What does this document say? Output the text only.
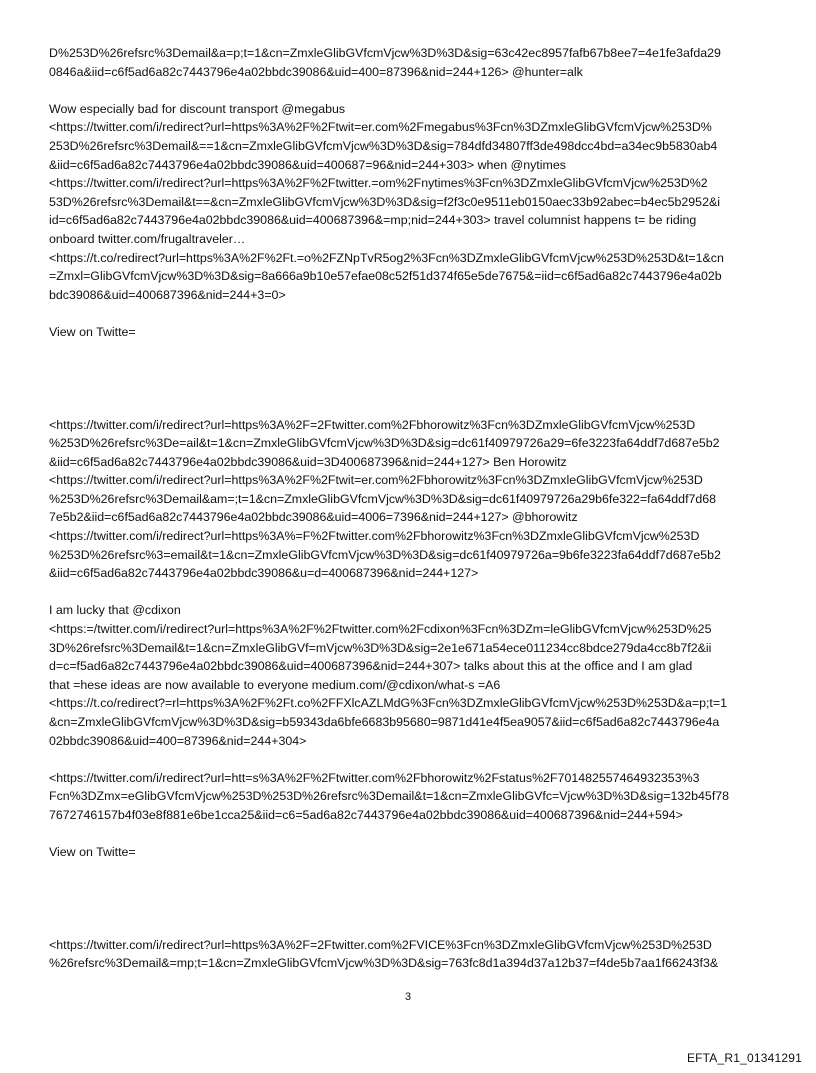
D%253D%26refsrc%3Demail&a=p;t=1&cn=ZmxleGlibGVfcmVjcw%3D%3D&sig=63c42ec8957fafb67b8ee7=4e1fe3afda29
0846a&iid=c6f5ad6a82c7443796e4a02bbdc39086&uid=400=87396&nid=244+126> @hunter=alk

Wow especially bad for discount transport @megabus
<https://twitter.com/i/redirect?url=https%3A%2F%2Ftwit=er.com%2Fmegabus%3Fcn%3DZmxleGlibGVfcmVjcw%253D%
253D%26refsrc%3Demail&==1&cn=ZmxleGlibGVfcmVjcw%3D%3D&sig=784dfd34807ff3de498dcc4bd=a34ec9b5830ab4
&iid=c6f5ad6a82c7443796e4a02bbdc39086&uid=400687=96&nid=244+303> when @nytimes
<https://twitter.com/i/redirect?url=https%3A%2F%2Ftwitter.=om%2Fnytimes%3Fcn%3DZmxleGlibGVfcmVjcw%253D%2
53D%26refsrc%3Demail&t==&cn=ZmxleGlibGVfcmVjcw%3D%3D&sig=f2f3c0e9511eb0150aec33b92abec=b4ec5b2952&i
id=c6f5ad6a82c7443796e4a02bbdc39086&uid=400687396&=mp;nid=244+303> travel columnist happens t= be riding
onboard twitter.com/frugaltraveler…
<https://t.co/redirect?url=https%3A%2F%2Ft.=o%2FZNpTvR5og2%3Fcn%3DZmxleGlibGVfcmVjcw%253D%253D&t=1&cn
=Zmxl=GlibGVfcmVjcw%3D%3D&sig=8a666a9b10e57efae08c52f51d374f65e5de7675&=iid=c6f5ad6a82c7443796e4a02b
bdc39086&uid=400687396&nid=244+3=0>

View on Twitte=

<https://twitter.com/i/redirect?url=https%3A%2F=2Ftwitter.com%2Fbhorowitz%3Fcn%3DZmxleGlibGVfcmVjcw%253D
%253D%26refsrc%3De=ail&t=1&cn=ZmxleGlibGVfcmVjcw%3D%3D&sig=dc61f40979726a29=6fe3223fa64ddf7d687e5b2
&iid=c6f5ad6a82c7443796e4a02bbdc39086&uid=3D400687396&nid=244+127> Ben Horowitz
<https://twitter.com/i/redirect?url=https%3A%2F%2Ftwit=er.com%2Fbhorowitz%3Fcn%3DZmxleGlibGVfcmVjcw%253D
%253D%26refsrc%3Demail&am=;t=1&cn=ZmxleGlibGVfcmVjcw%3D%3D&sig=dc61f40979726a29b6fe322=fa64ddf7d68
7e5b2&iid=c6f5ad6a82c7443796e4a02bbdc39086&uid=4006=7396&nid=244+127> @bhorowitz
<https://twitter.com/i/redirect?url=https%3A%=F%2Ftwitter.com%2Fbhorowitz%3Fcn%3DZmxleGlibGVfcmVjcw%253D
%253D%26refsrc%3=email&t=1&cn=ZmxleGlibGVfcmVjcw%3D%3D&sig=dc61f40979726a=9b6fe3223fa64ddf7d687e5b2
&iid=c6f5ad6a82c7443796e4a02bbdc39086&u=d=400687396&nid=244+127>

I am lucky that @cdixon
<https:=/twitter.com/i/redirect?url=https%3A%2F%2Ftwitter.com%2Fcdixon%3Fcn%3DZm=leGlibGVfcmVjcw%253D%25
3D%26refsrc%3Demail&t=1&cn=ZmxleGlibGVf=mVjcw%3D%3D&sig=2e1e671a54ece011234cc8bdce279da4cc8b7f2&ii
d=c=f5ad6a82c7443796e4a02bbdc39086&uid=400687396&nid=244+307> talks about this at the office and I am glad
that =hese ideas are now available to everyone medium.com/@cdixon/what-s =A6
<https://t.co/redirect?=rl=https%3A%2F%2Ft.co%2FFXlcAZLMdG%3Fcn%3DZmxleGlibGVfcmVjcw%253D%253D&a=p;t=1
&cn=ZmxleGlibGVfcmVjcw%3D%3D&sig=b59343da6bfe6683b95680=9871d41e4f5ea9057&iid=c6f5ad6a82c7443796e4a
02bbdc39086&uid=400=87396&nid=244+304>

<https://twitter.com/i/redirect?url=htt=s%3A%2F%2Ftwitter.com%2Fbhorowitz%2Fstatus%2F701482557464932353%3
Fcn%3DZmx=eGlibGVfcmVjcw%253D%253D%26refsrc%3Demail&t=1&cn=ZmxleGlibGVfc=Vjcw%3D%3D&sig=132b45f78
7672746157b4f03e8f881e6be1cca25&iid=c6=5ad6a82c7443796e4a02bbdc39086&uid=400687396&nid=244+594>

View on Twitte=

<https://twitter.com/i/redirect?url=https%3A%2F=2Ftwitter.com%2FVICE%3Fcn%3DZmxleGlibGVfcmVjcw%253D%253D
%26refsrc%3Demail&=mp;t=1&cn=ZmxleGlibGVfcmVjcw%3D%3D&sig=763fc8d1a394d37a12b37=f4de5b7aa1f66243f3&

3
EFTA_R1_01341291
